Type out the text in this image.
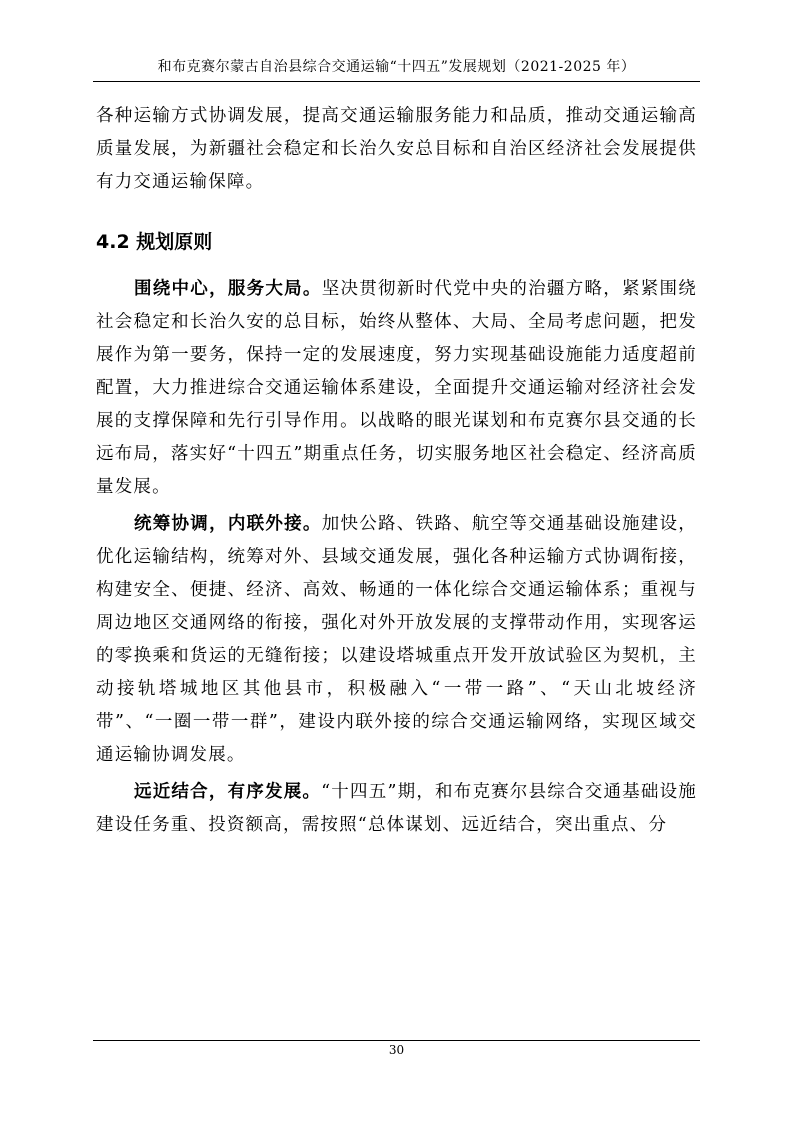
和布克赛尔蒙古自治县综合交通运输“十四五”发展规划（2021-2025 年）

各种运输方式协调发展，提高交通运输服务能力和品质，推动交通运输高质量发展，为新疆社会稳定和长治久安总目标和自治区经济社会发展提供有力交通运输保障。

4.2 规划原则

围绕中心，服务大局。坚决贯彻新时代党中央的治疆方略，紧紧围绕社会稳定和长治久安的总目标，始终从整体、大局、全局考虑问题，把发展作为第一要务，保持一定的发展速度，努力实现基础设施能力适度超前配置，大力推进综合交通运输体系建设，全面提升交通运输对经济社会发展的支撑保障和先行引导作用。以战略的眼光谋划和布克赛尔县交通的长远布局，落实好“十四五”期重点任务，切实服务地区社会稳定、经济高质量发展。

统筹协调，内联外接。加快公路、铁路、航空等交通基础设施建设，优化运输结构，统筹对外、县域交通发展，强化各种运输方式协调衔接，构建安全、便捷、经济、高效、畅通的一体化综合交通运输体系；重视与周边地区交通网络的衔接，强化对外开放发展的支撑带动作用，实现客运的零换乘和货运的无缝衔接；以建设塔城重点开发开放试验区为契机，主动接轨塔城地区其他县市，积极融入“一带一路”、“天山北坡经济带”、“一圈一带一群”，建设内联外接的综合交通运输网络，实现区域交通运输协调发展。

远近结合，有序发展。“十四五”期，和布克赛尔县综合交通基础设施建设任务重、投资额高，需按照“总体谋划、远近结合，突出重点、分

30
